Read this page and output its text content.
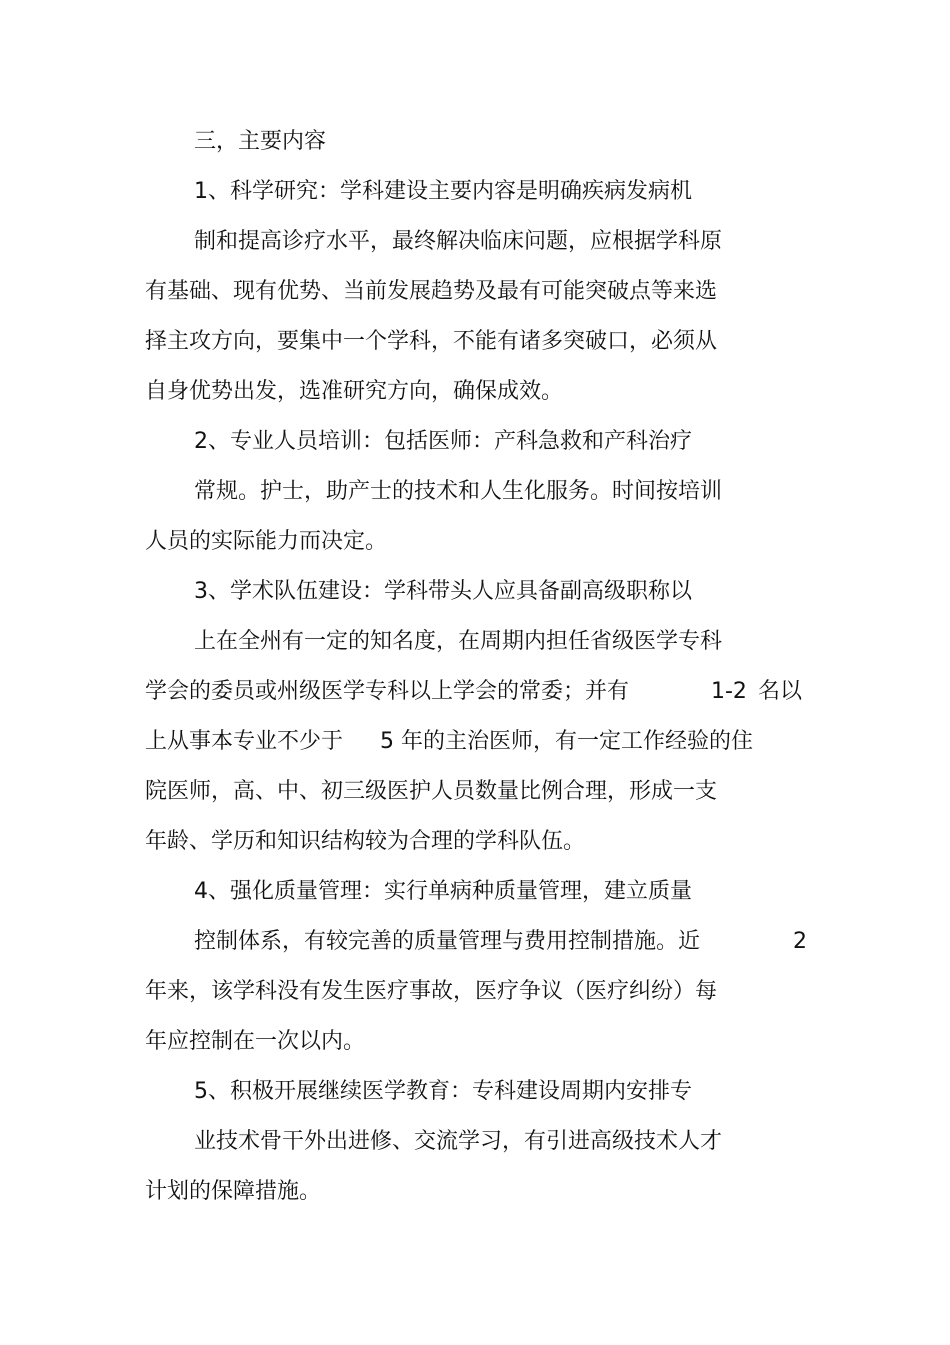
三，主要内容
1、科学研究：学科建设主要内容是明确疾病发病机
制和提高诊疗水平，最终解决临床问题，应根据学科原
有基础、现有优势、当前发展趋势及最有可能突破点等来选
择主攻方向，要集中一个学科，不能有诸多突破口，必须从
自身优势出发，选准研究方向，确保成效。
2、专业人员培训：包括医师：产科急救和产科治疗
常规。护士，助产士的技术和人生化服务。时间按培训
人员的实际能力而决定。
3、学术队伍建设：学科带头人应具备副高级职称以
上在全州有一定的知名度，在周期内担任省级医学专科
学会的委员或州级医学专科以上学会的常委；并有	1-2 名以
上从事本专业不少于 5 年的主治医师，有一定工作经验的住
院医师，高、中、初三级医护人员数量比例合理，形成一支
年龄、学历和知识结构较为合理的学科队伍。
4、强化质量管理：实行单病种质量管理，建立质量
控制体系，有较完善的质量管理与费用控制措施。近	2
年来，该学科没有发生医疗事故，医疗争议（医疗纠纷）每
年应控制在一次以内。
5、积极开展继续医学教育：专科建设周期内安排专
业技术骨干外出进修、交流学习，有引进高级技术人才
计划的保障措施。
